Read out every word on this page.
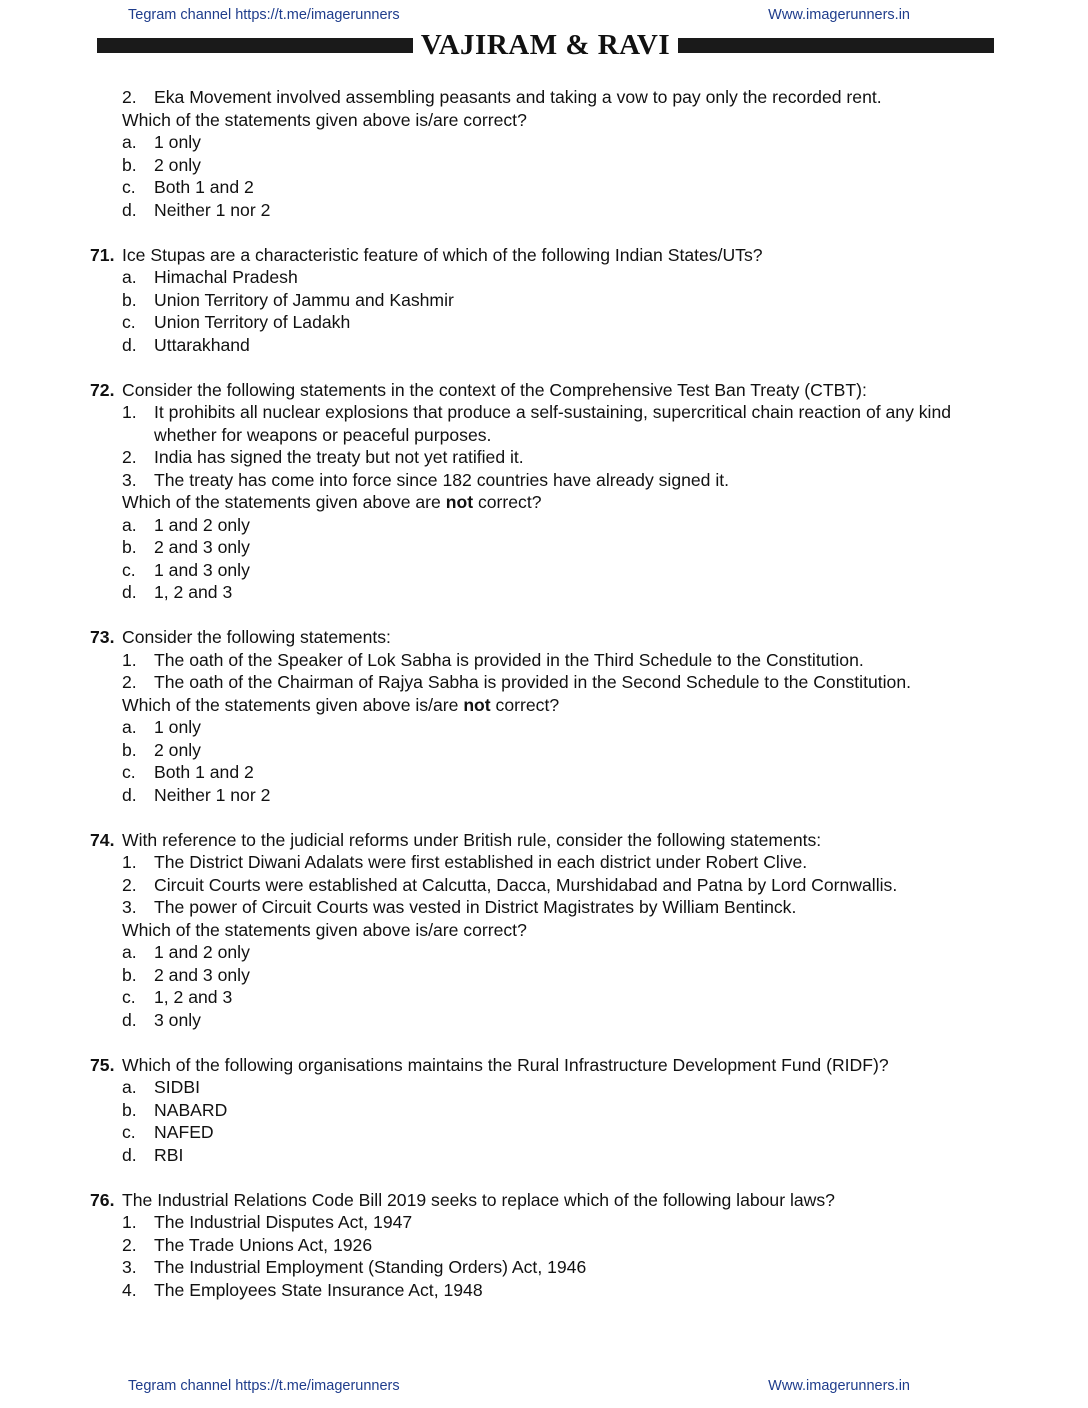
Tegram channel https://t.me/imagerunners	Www.imagerunners.in
VAJIRAM & RAVI
2. Eka Movement involved assembling peasants and taking a vow to pay only the recorded rent.
Which of the statements given above is/are correct?
a. 1 only
b. 2 only
c.	Both 1 and 2
d. Neither 1 nor 2
71. Ice Stupas are a characteristic feature of which of the following Indian States/UTs?
a. Himachal Pradesh
b. Union Territory of Jammu and Kashmir
c.	Union Territory of Ladakh
d. Uttarakhand
72. Consider the following statements in the context of the Comprehensive Test Ban Treaty (CTBT):
1. It prohibits all nuclear explosions that produce a self-sustaining, supercritical chain reaction of any kind whether for weapons or peaceful purposes.
2. India has signed the treaty but not yet ratified it.
3. The treaty has come into force since 182 countries have already signed it.
Which of the statements given above are not correct?
a. 1 and 2 only
b. 2 and 3 only
c.	1 and 3 only
d. 1, 2 and 3
73. Consider the following statements:
1. The oath of the Speaker of Lok Sabha is provided in the Third Schedule to the Constitution.
2. The oath of the Chairman of Rajya Sabha is provided in the Second Schedule to the Constitution.
Which of the statements given above is/are not correct?
a. 1 only
b. 2 only
c.	Both 1 and 2
d. Neither 1 nor 2
74. With reference to the judicial reforms under British rule, consider the following statements:
1. The District Diwani Adalats were first established in each district under Robert Clive.
2. Circuit Courts were established at Calcutta, Dacca, Murshidabad and Patna by Lord Cornwallis.
3. The power of Circuit Courts was vested in District Magistrates by William Bentinck.
Which of the statements given above is/are correct?
a. 1 and 2 only
b. 2 and 3 only
c.	1, 2 and 3
d. 3 only
75. Which of the following organisations maintains the Rural Infrastructure Development Fund (RIDF)?
a. SIDBI
b. NABARD
c.	NAFED
d. RBI
76. The Industrial Relations Code Bill 2019 seeks to replace which of the following labour laws?
1. The Industrial Disputes Act, 1947
2. The Trade Unions Act, 1926
3. The Industrial Employment (Standing Orders) Act, 1946
4. The Employees State Insurance Act, 1948
Tegram channel https://t.me/imagerunners	Www.imagerunners.in
